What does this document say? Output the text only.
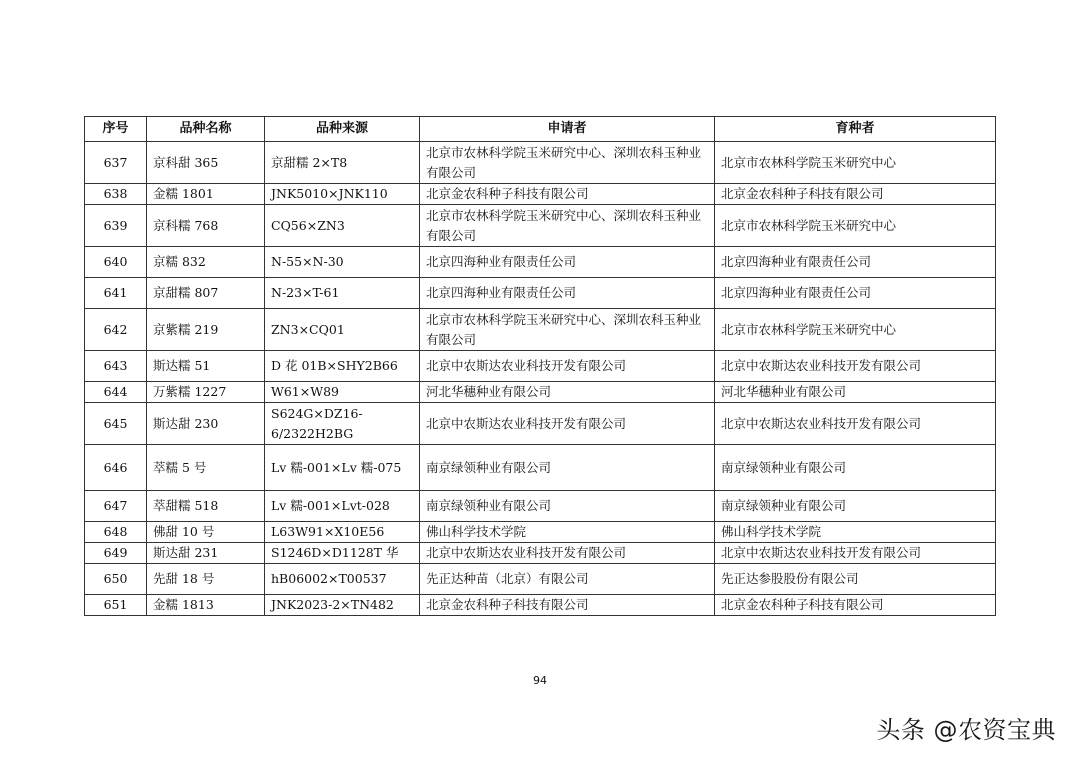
序号	品种名称	品种来源	申请者	育种者
637	京科甜 365	京甜糯 2×T8	北京市农林科学院玉米研究中心、深圳农科玉种业有限公司	北京市农林科学院玉米研究中心
638	金糯 1801	JNK5010×JNK110	北京金农科种子科技有限公司	北京金农科种子科技有限公司
639	京科糯 768	CQ56×ZN3	北京市农林科学院玉米研究中心、深圳农科玉种业有限公司	北京市农林科学院玉米研究中心
640	京糯 832	N-55×N-30	北京四海种业有限责任公司	北京四海种业有限责任公司
641	京甜糯 807	N-23×T-61	北京四海种业有限责任公司	北京四海种业有限责任公司
642	京紫糯 219	ZN3×CQ01	北京市农林科学院玉米研究中心、深圳农科玉种业有限公司	北京市农林科学院玉米研究中心
643	斯达糯 51	D 花 01B×SHY2B66	北京中农斯达农业科技开发有限公司	北京中农斯达农业科技开发有限公司
644	万紫糯 1227	W61×W89	河北华穗种业有限公司	河北华穗种业有限公司
645	斯达甜 230	S624G×DZ16-6/2322H2BG	北京中农斯达农业科技开发有限公司	北京中农斯达农业科技开发有限公司
646	萃糯 5 号	Lv 糯-001×Lv 糯-075	南京绿领种业有限公司	南京绿领种业有限公司
647	萃甜糯 518	Lv 糯-001×Lvt-028	南京绿领种业有限公司	南京绿领种业有限公司
648	佛甜 10 号	L63W91×X10E56	佛山科学技术学院	佛山科学技术学院
649	斯达甜 231	S1246D×D1128T 华	北京中农斯达农业科技开发有限公司	北京中农斯达农业科技开发有限公司
650	先甜 18 号	hB06002×T00537	先正达种苗（北京）有限公司	先正达参股股份有限公司
651	金糯 1813	JNK2023-2×TN482	北京金农科种子科技有限公司	北京金农科种子科技有限公司
94
头条 @农资宝典
